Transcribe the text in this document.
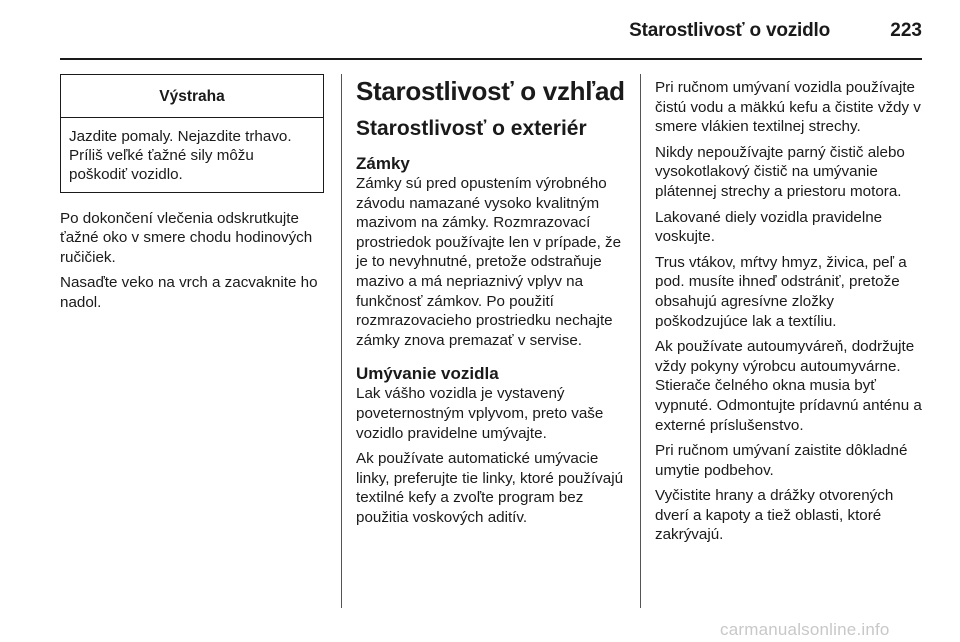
Starostlivosť o vozidlo	223
Výstraha
Jazdite pomaly. Nejazdite trhavo. Príliš veľké ťažné sily môžu poškodiť vozidlo.

Po dokončení vlečenia odskrutkujte ťažné oko v smere chodu hodinových ručičiek.

Nasaďte veko na vrch a zacvaknite ho nadol.

Starostlivosť o vzhľad
Starostlivosť o exteriér
Zámky

Zámky sú pred opustením výrobného závodu namazané vysoko kvalitným mazivom na zámky. Rozmrazovací prostriedok používajte len v prípade, že je to nevyhnutné, pretože odstraňuje mazivo a má nepriaznivý vplyv na funkčnosť zámkov. Po použití rozmrazovacieho prostriedku nechajte zámky znova premazať v servise.

Umývanie vozidla

Lak vášho vozidla je vystavený poveternostným vplyvom, preto vaše vozidlo pravidelne umývajte.

Ak používate automatické umývacie linky, preferujte tie linky, ktoré používajú textilné kefy a zvoľte program bez použitia voskových aditív.

Pri ručnom umývaní vozidla používajte čistú vodu a mäkkú kefu a čistite vždy v smere vlákien textilnej strechy.

Nikdy nepoužívajte parný čistič alebo vysokotlakový čistič na umývanie plátennej strechy a priestoru motora.

Lakované diely vozidla pravidelne voskujte.

Trus vtákov, mŕtvy hmyz, živica, peľ a pod. musíte ihneď odstrániť, pretože obsahujú agresívne zložky poškodzujúce lak a textíliu.

Ak používate autoumyváreň, dodržujte vždy pokyny výrobcu autoumyvárne. Stierače čelného okna musia byť vypnuté. Odmontujte prídavnú anténu a externé príslušenstvo.

Pri ručnom umývaní zaistite dôkladné umytie podbehov.

Vyčistite hrany a drážky otvorených dverí a kapoty a tiež oblasti, ktoré zakrývajú.

carmanualsonline.info
